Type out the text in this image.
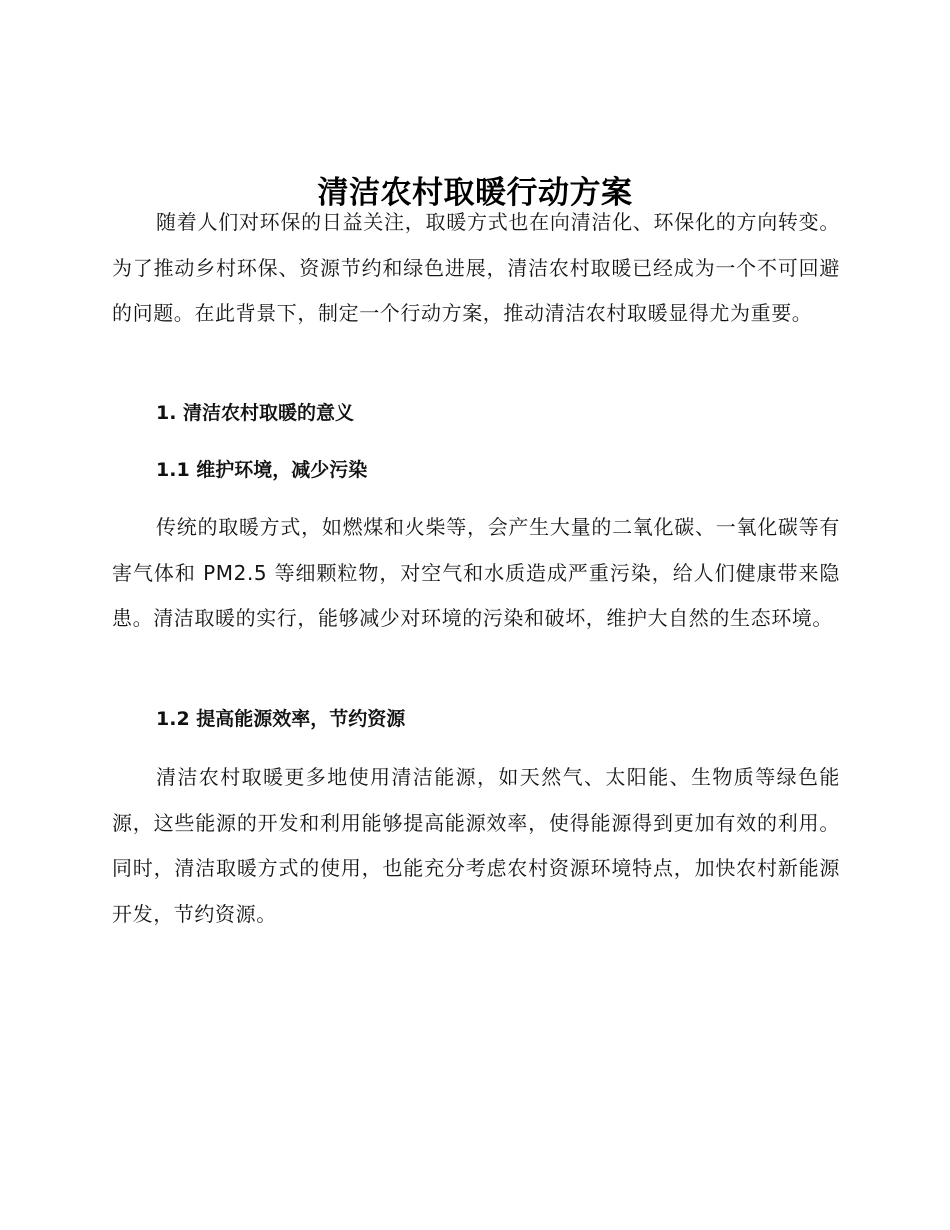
清洁农村取暖行动方案

随着人们对环保的日益关注，取暖方式也在向清洁化、环保化的方向转变。为了推动乡村环保、资源节约和绿色进展，清洁农村取暖已经成为一个不可回避的问题。在此背景下，制定一个行动方案，推动清洁农村取暖显得尤为重要。

1. 清洁农村取暖的意义
1.1 维护环境，减少污染

传统的取暖方式，如燃煤和火柴等，会产生大量的二氧化碳、一氧化碳等有害气体和 PM2.5 等细颗粒物，对空气和水质造成严重污染，给人们健康带来隐患。清洁取暖的实行，能够减少对环境的污染和破坏，维护大自然的生态环境。

1.2 提高能源效率，节约资源

清洁农村取暖更多地使用清洁能源，如天然气、太阳能、生物质等绿色能源，这些能源的开发和利用能够提高能源效率，使得能源得到更加有效的利用。同时，清洁取暖方式的使用，也能充分考虑农村资源环境特点，加快农村新能源开发，节约资源。
